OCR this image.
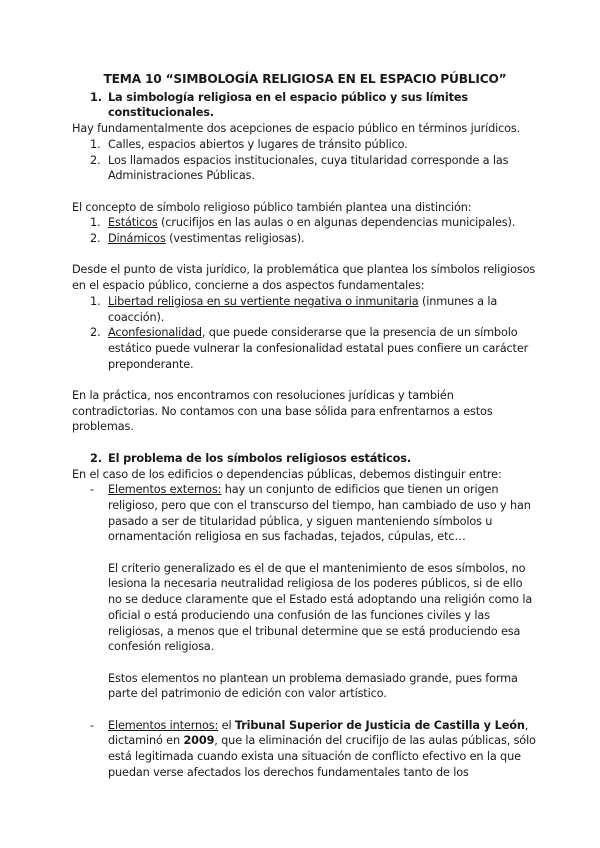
TEMA 10 “SIMBOLOGÍA RELIGIOSA EN EL ESPACIO PÚBLICO”

1. La simbología religiosa en el espacio público y sus límites constitucionales.

Hay fundamentalmente dos acepciones de espacio público en términos jurídicos.

1. Calles, espacios abiertos y lugares de tránsito público.
2. Los llamados espacios institucionales, cuya titularidad corresponde a las Administraciones Públicas.

El concepto de símbolo religioso público también plantea una distinción:

1. Estáticos (crucifijos en las aulas o en algunas dependencias municipales).
2. Dinámicos (vestimentas religiosas).

Desde el punto de vista jurídico, la problemática que plantea los símbolos religiosos en el espacio público, concierne a dos aspectos fundamentales:

1. Libertad religiosa en su vertiente negativa o inmunitaria (inmunes a la coacción).
2. Aconfesionalidad, que puede considerarse que la presencia de un símbolo estático puede vulnerar la confesionalidad estatal pues confiere un carácter preponderante.

En la práctica, nos encontramos con resoluciones jurídicas y también contradictorias. No contamos con una base sólida para enfrentarnos a estos problemas.

2. El problema de los símbolos religiosos estáticos.

En el caso de los edificios o dependencias públicas, debemos distinguir entre:

- Elementos externos: hay un conjunto de edificios que tienen un origen religioso, pero que con el transcurso del tiempo, han cambiado de uso y han pasado a ser de titularidad pública, y siguen manteniendo símbolos u ornamentación religiosa en sus fachadas, tejados, cúpulas, etc…

El criterio generalizado es el de que el mantenimiento de esos símbolos, no lesiona la necesaria neutralidad religiosa de los poderes públicos, si de ello no se deduce claramente que el Estado está adoptando una religión como la oficial o está produciendo una confusión de las funciones civiles y las religiosas, a menos que el tribunal determine que se está produciendo esa confesión religiosa.

Estos elementos no plantean un problema demasiado grande, pues forma parte del patrimonio de edición con valor artístico.

- Elementos internos: el Tribunal Superior de Justicia de Castilla y León, dictaminó en 2009, que la eliminación del crucifijo de las aulas públicas, sólo está legitimada cuando exista una situación de conflicto efectivo en la que puedan verse afectados los derechos fundamentales tanto de los
